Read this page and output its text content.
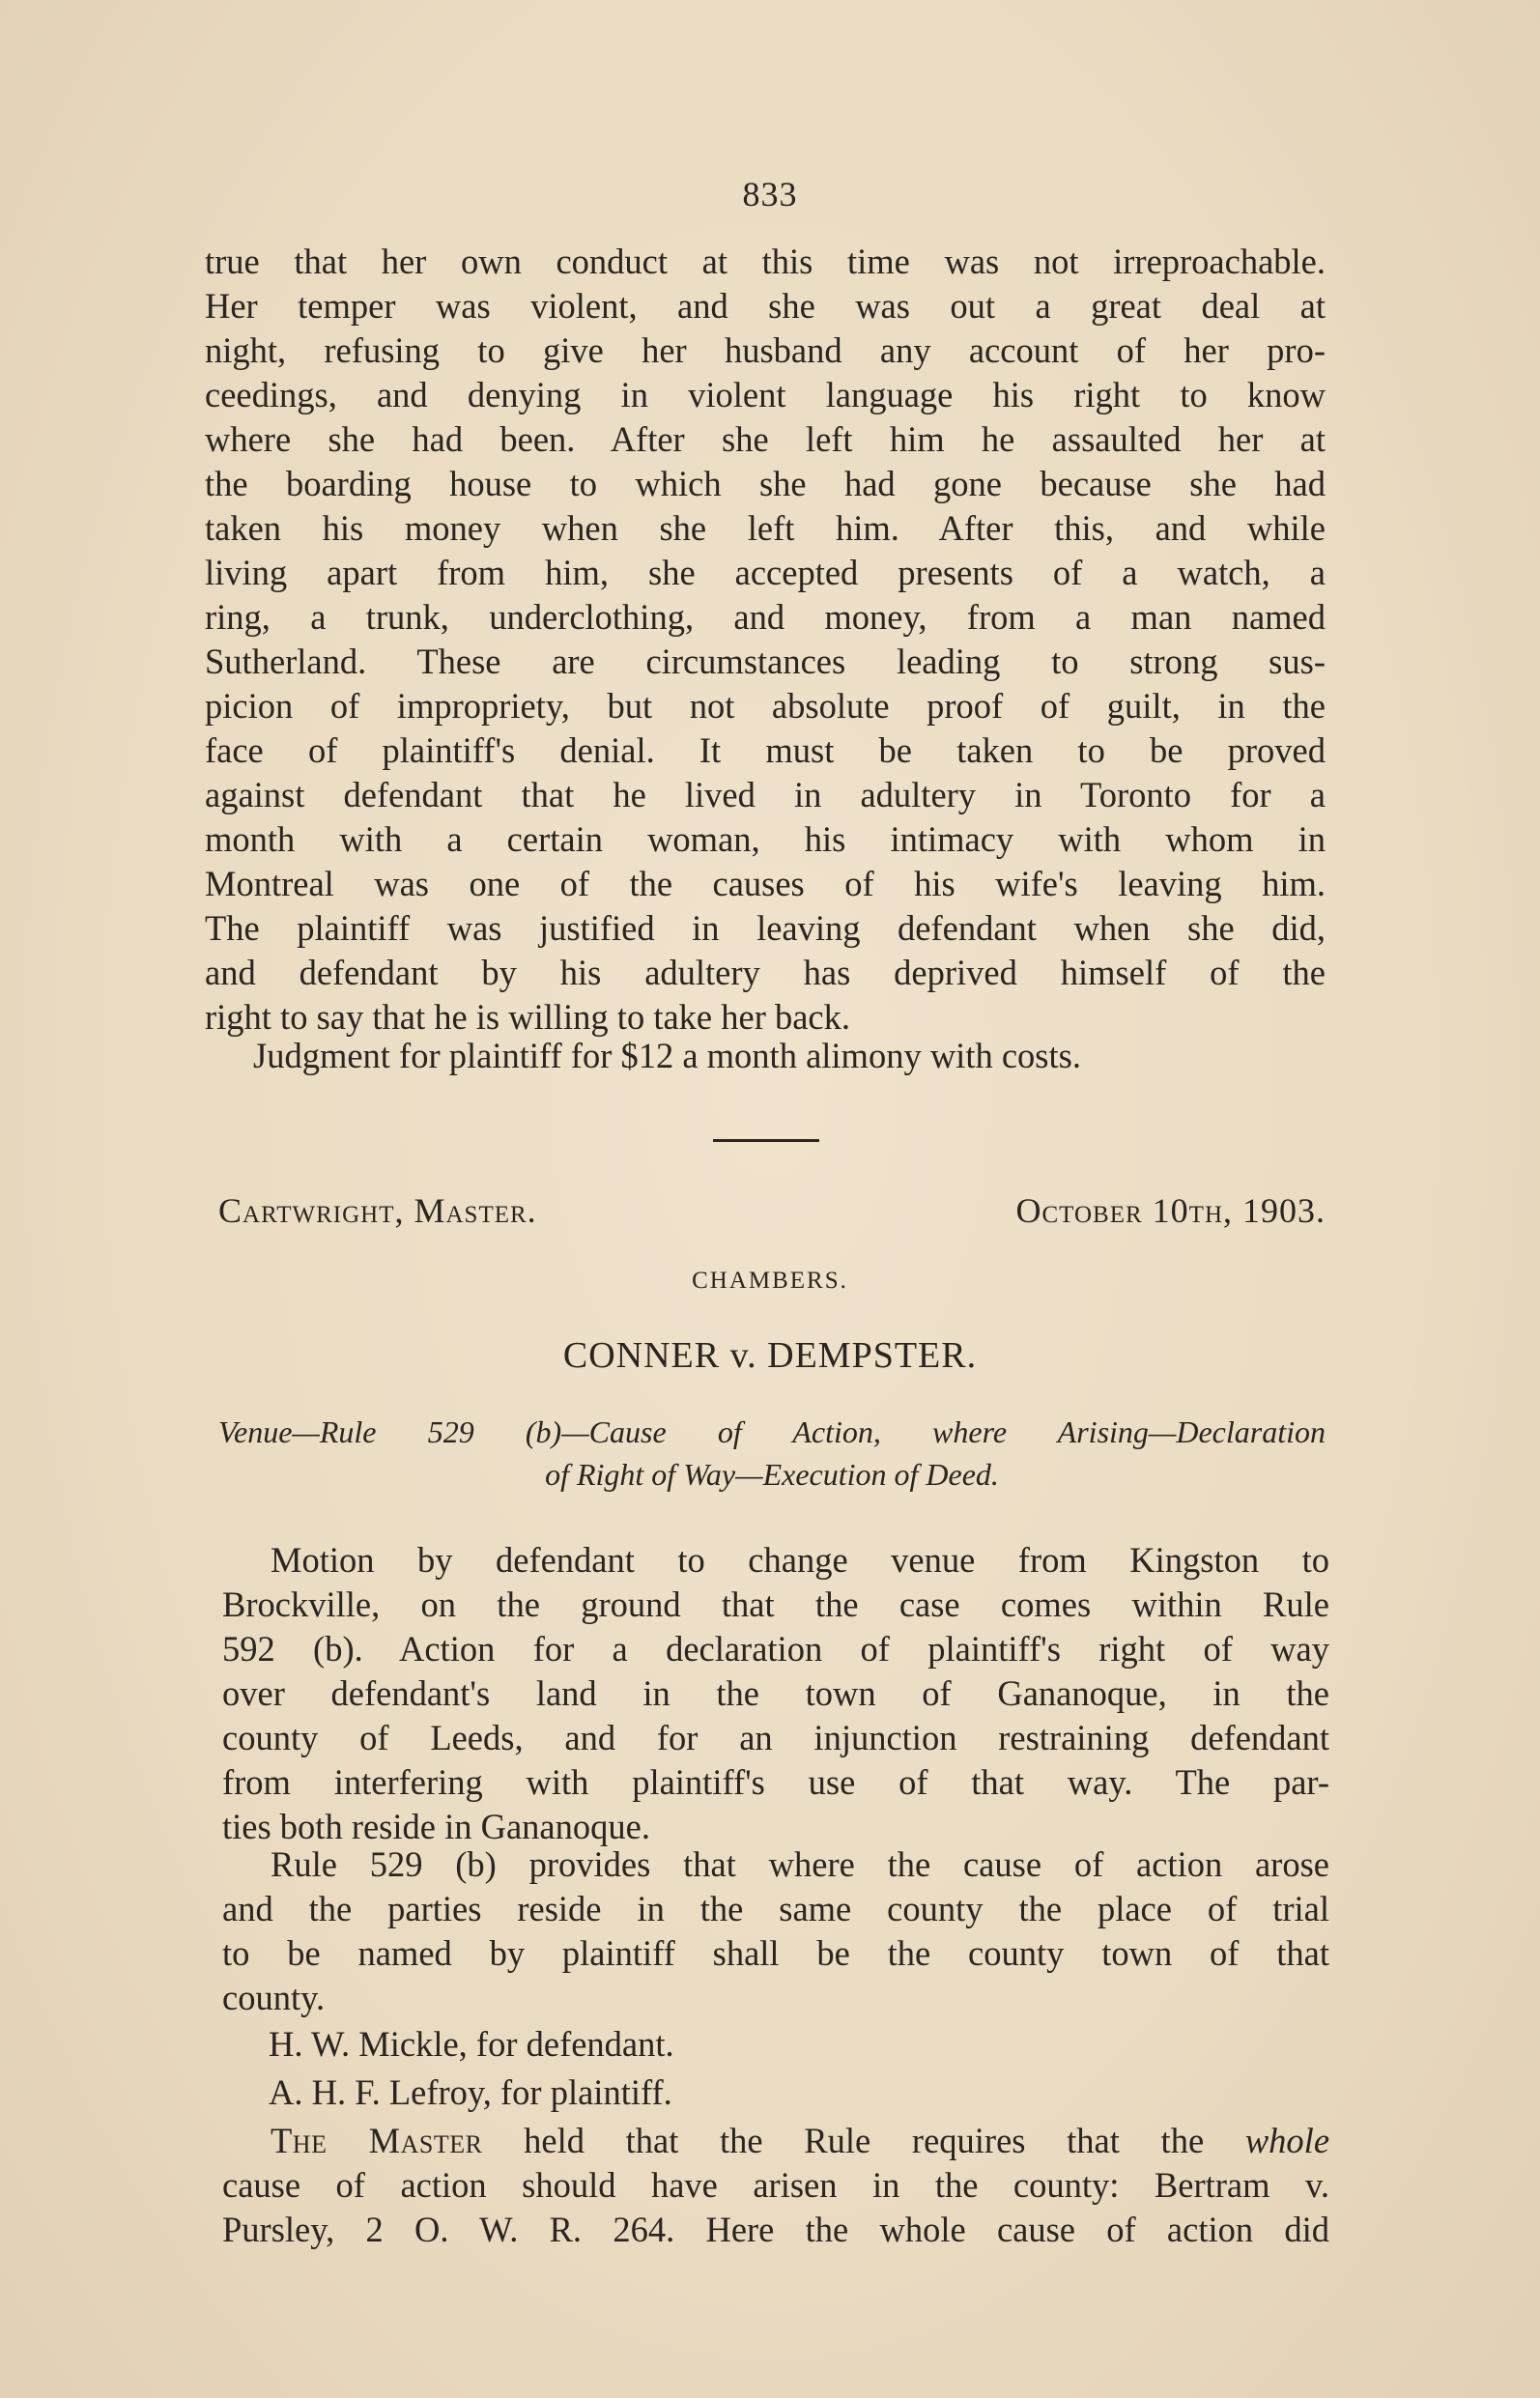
833
true that her own conduct at this time was not irreproachable.
Her temper was violent, and she was out a great deal at
night, refusing to give her husband any account of her pro-
ceedings, and denying in violent language his right to know
where she had been. After she left him he assaulted her at
the boarding house to which she had gone because she had
taken his money when she left him. After this, and while
living apart from him, she accepted presents of a watch, a
ring, a trunk, underclothing, and money, from a man named
Sutherland. These are circumstances leading to strong sus-
picion of impropriety, but not absolute proof of guilt, in the
face of plaintiff's denial. It must be taken to be proved
against defendant that he lived in adultery in Toronto for a
month with a certain woman, his intimacy with whom in
Montreal was one of the causes of his wife's leaving him.
The plaintiff was justified in leaving defendant when she did,
and defendant by his adultery has deprived himself of the
right to say that he is willing to take her back.
Judgment for plaintiff for $12 a month alimony with costs.
Cartwright, Master.	October 10th, 1903.
CHAMBERS.
CONNER v. DEMPSTER.
Venue—Rule 529 (b)—Cause of Action, where Arising—Declaration
of Right of Way—Execution of Deed.
Motion by defendant to change venue from Kingston to
Brockville, on the ground that the case comes within Rule
592 (b). Action for a declaration of plaintiff's right of way
over defendant's land in the town of Gananoque, in the
county of Leeds, and for an injunction restraining defendant
from interfering with plaintiff's use of that way. The par-
ties both reside in Gananoque.
Rule 529 (b) provides that where the cause of action arose
and the parties reside in the same county the place of trial
to be named by plaintiff shall be the county town of that
county.
H. W. Mickle, for defendant.
A. H. F. Lefroy, for plaintiff.
The Master held that the Rule requires that the whole
cause of action should have arisen in the county: Bertram v.
Pursley, 2 O. W. R. 264. Here the whole cause of action did
